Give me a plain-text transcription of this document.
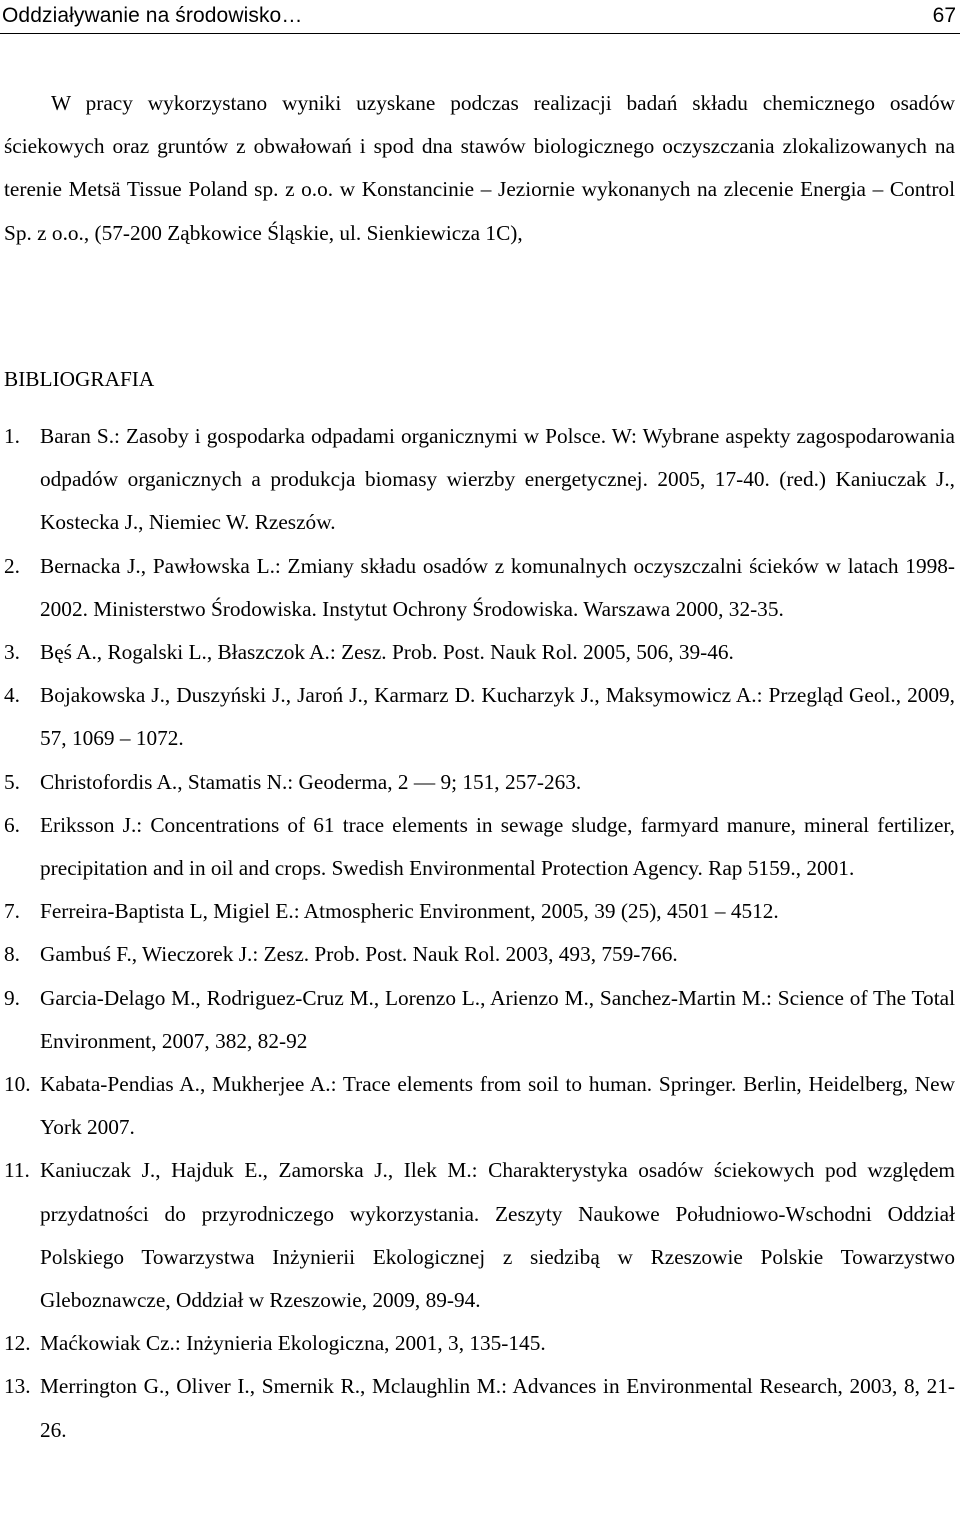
Oddziaływanie na środowisko…	67

W pracy wykorzystano wyniki uzyskane podczas realizacji badań składu chemicznego osadów ściekowych oraz gruntów z obwałowań i spod dna stawów biologicznego oczyszczania zlokalizowanych na terenie Metsä Tissue Poland sp. z o.o. w Konstancinie – Jeziornie wykonanych na zlecenie Energia – Control Sp. z o.o., (57-200 Ząbkowice Śląskie, ul. Sienkiewicza 1C),

BIBLIOGRAFIA
1. Baran S.: Zasoby i gospodarka odpadami organicznymi w Polsce. W: Wybrane aspekty zagospodarowania odpadów organicznych a produkcja biomasy wierzby energetycznej. 2005, 17-40. (red.) Kaniuczak J., Kostecka J., Niemiec W. Rzeszów.
2. Bernacka J., Pawłowska L.: Zmiany składu osadów z komunalnych oczyszczalni ścieków w latach 1998-2002. Ministerstwo Środowiska. Instytut Ochrony Środowiska. Warszawa 2000, 32-35.
3. Bęś A., Rogalski L., Błaszczok A.: Zesz. Prob. Post. Nauk Rol. 2005, 506, 39-46.
4. Bojakowska J., Duszyński J., Jaroń J., Karmarz D. Kucharzyk J., Maksymowicz A.: Przegląd Geol., 2009, 57, 1069 – 1072.
5. Christofordis A., Stamatis N.: Geoderma, 2 — 9; 151, 257-263.
6. Eriksson J.: Concentrations of 61 trace elements in sewage sludge, farmyard manure, mineral fertilizer, precipitation and in oil and crops. Swedish Environmental Protection Agency. Rap 5159., 2001.
7. Ferreira-Baptista L, Migiel E.: Atmospheric Environment, 2005, 39 (25), 4501 – 4512.
8. Gambuś F., Wieczorek J.: Zesz. Prob. Post. Nauk Rol. 2003, 493, 759-766.
9. Garcia-Delago M., Rodriguez-Cruz M., Lorenzo L., Arienzo M., Sanchez-Martin M.: Science of The Total Environment, 2007, 382, 82-92
10. Kabata-Pendias A., Mukherjee A.: Trace elements from soil to human. Springer. Berlin, Heidelberg, New York 2007.
11. Kaniuczak J., Hajduk E., Zamorska J., Ilek M.: Charakterystyka osadów ściekowych pod względem przydatności do przyrodniczego wykorzystania. Zeszyty Naukowe Południowo-Wschodni Oddział Polskiego Towarzystwa Inżynierii Ekologicznej z siedzibą w Rzeszowie Polskie Towarzystwo Gleboznawcze, Oddział w Rzeszowie, 2009, 89-94.
12. Maćkowiak Cz.: Inżynieria Ekologiczna, 2001, 3, 135-145.
13. Merrington G., Oliver I., Smernik R., Mclaughlin M.: Advances in Environmental Research, 2003, 8, 21-26.
